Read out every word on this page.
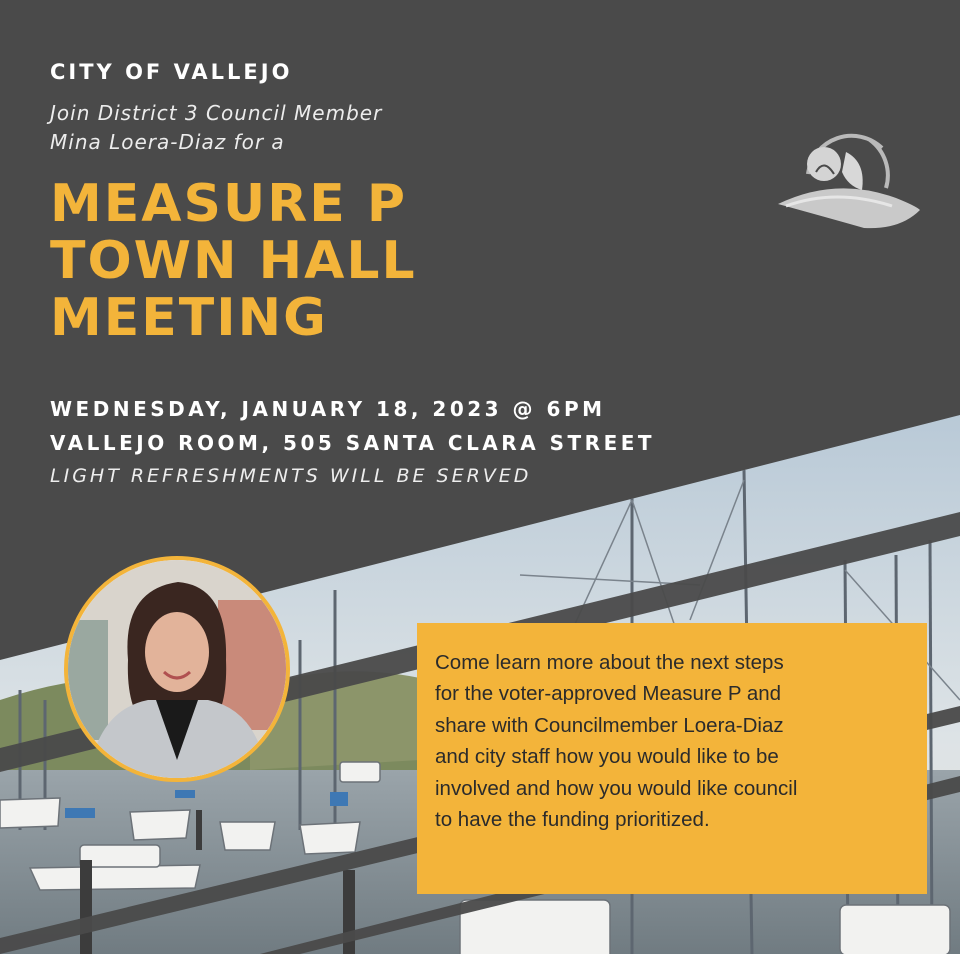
CITY OF VALLEJO

Join District 3 Council Member

Mina Loera-Diaz for a

MEASURE P
TOWN HALL
MEETING

WEDNESDAY, JANUARY 18, 2023 @ 6PM

VALLEJO ROOM, 505 SANTA CLARA STREET

LIGHT REFRESHMENTS WILL BE SERVED

Come learn more about the next steps
for the voter-approved Measure P and
share with Councilmember Loera-Diaz
and city staff how you would like to be
involved and how you would like council
to have the funding prioritized.
